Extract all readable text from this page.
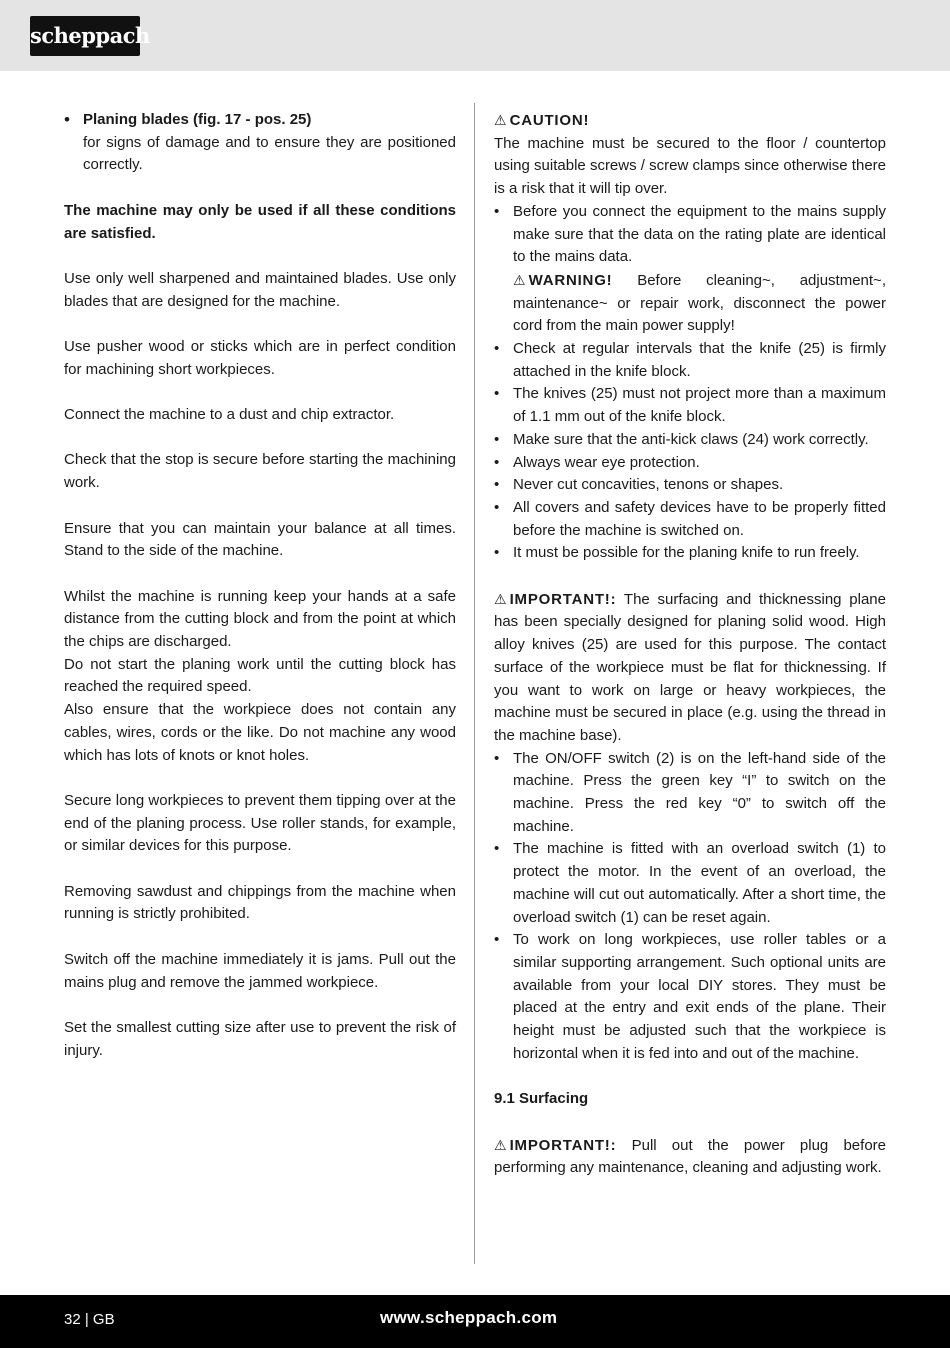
scheppach
• Planing blades (fig. 17 - pos. 25)
for signs of damage and to ensure they are positioned correctly.

The machine may only be used if all these conditions are satisfied.

Use only well sharpened and maintained blades. Use only blades that are designed for the machine.

Use pusher wood or sticks which are in perfect condition for machining short workpieces.

Connect the machine to a dust and chip extractor.

Check that the stop is secure before starting the machining work.

Ensure that you can maintain your balance at all times. Stand to the side of the machine.

Whilst the machine is running keep your hands at a safe distance from the cutting block and from the point at which the chips are discharged.

Do not start the planing work until the cutting block has reached the required speed.

Also ensure that the workpiece does not contain any cables, wires, cords or the like. Do not machine any wood which has lots of knots or knot holes.

Secure long workpieces to prevent them tipping over at the end of the planing process. Use roller stands, for example, or similar devices for this purpose.

Removing sawdust and chippings from the machine when running is strictly prohibited.

Switch off the machine immediately it is jams. Pull out the mains plug and remove the jammed workpiece.

Set the smallest cutting size after use to prevent the risk of injury.

⚠ CAUTION!

The machine must be secured to the floor / countertop using suitable screws / screw clamps since otherwise there is a risk that it will tip over.

• Before you connect the equipment to the mains supply make sure that the data on the rating plate are identical to the mains data.
⚠ WARNING! Before cleaning~, adjustment~, maintenance~ or repair work, disconnect the power cord from the main power supply!
• Check at regular intervals that the knife (25) is firmly attached in the knife block.
• The knives (25) must not project more than a maximum of 1.1 mm out of the knife block.
• Make sure that the anti-kick claws (24) work correctly.
• Always wear eye protection.
• Never cut concavities, tenons or shapes.
• All covers and safety devices have to be properly fitted before the machine is switched on.
• It must be possible for the planing knife to run freely.

⚠ IMPORTANT!: The surfacing and thicknessing plane has been specially designed for planing solid wood. High alloy knives (25) are used for this purpose. The contact surface of the workpiece must be flat for thicknessing. If you want to work on large or heavy workpieces, the machine must be secured in place (e.g. using the thread in the machine base).

• The ON/OFF switch (2) is on the left-hand side of the machine. Press the green key “I” to switch on the machine. Press the red key “0” to switch off the machine.
• The machine is fitted with an overload switch (1) to protect the motor. In the event of an overload, the machine will cut out automatically. After a short time, the overload switch (1) can be reset again.
• To work on long workpieces, use roller tables or a similar supporting arrangement. Such optional units are available from your local DIY stores. They must be placed at the entry and exit ends of the plane. Their height must be adjusted such that the workpiece is horizontal when it is fed into and out of the machine.

9.1 Surfacing

⚠ IMPORTANT!: Pull out the power plug before performing any maintenance, cleaning and adjusting work.

32 | GB	www.scheppach.com
